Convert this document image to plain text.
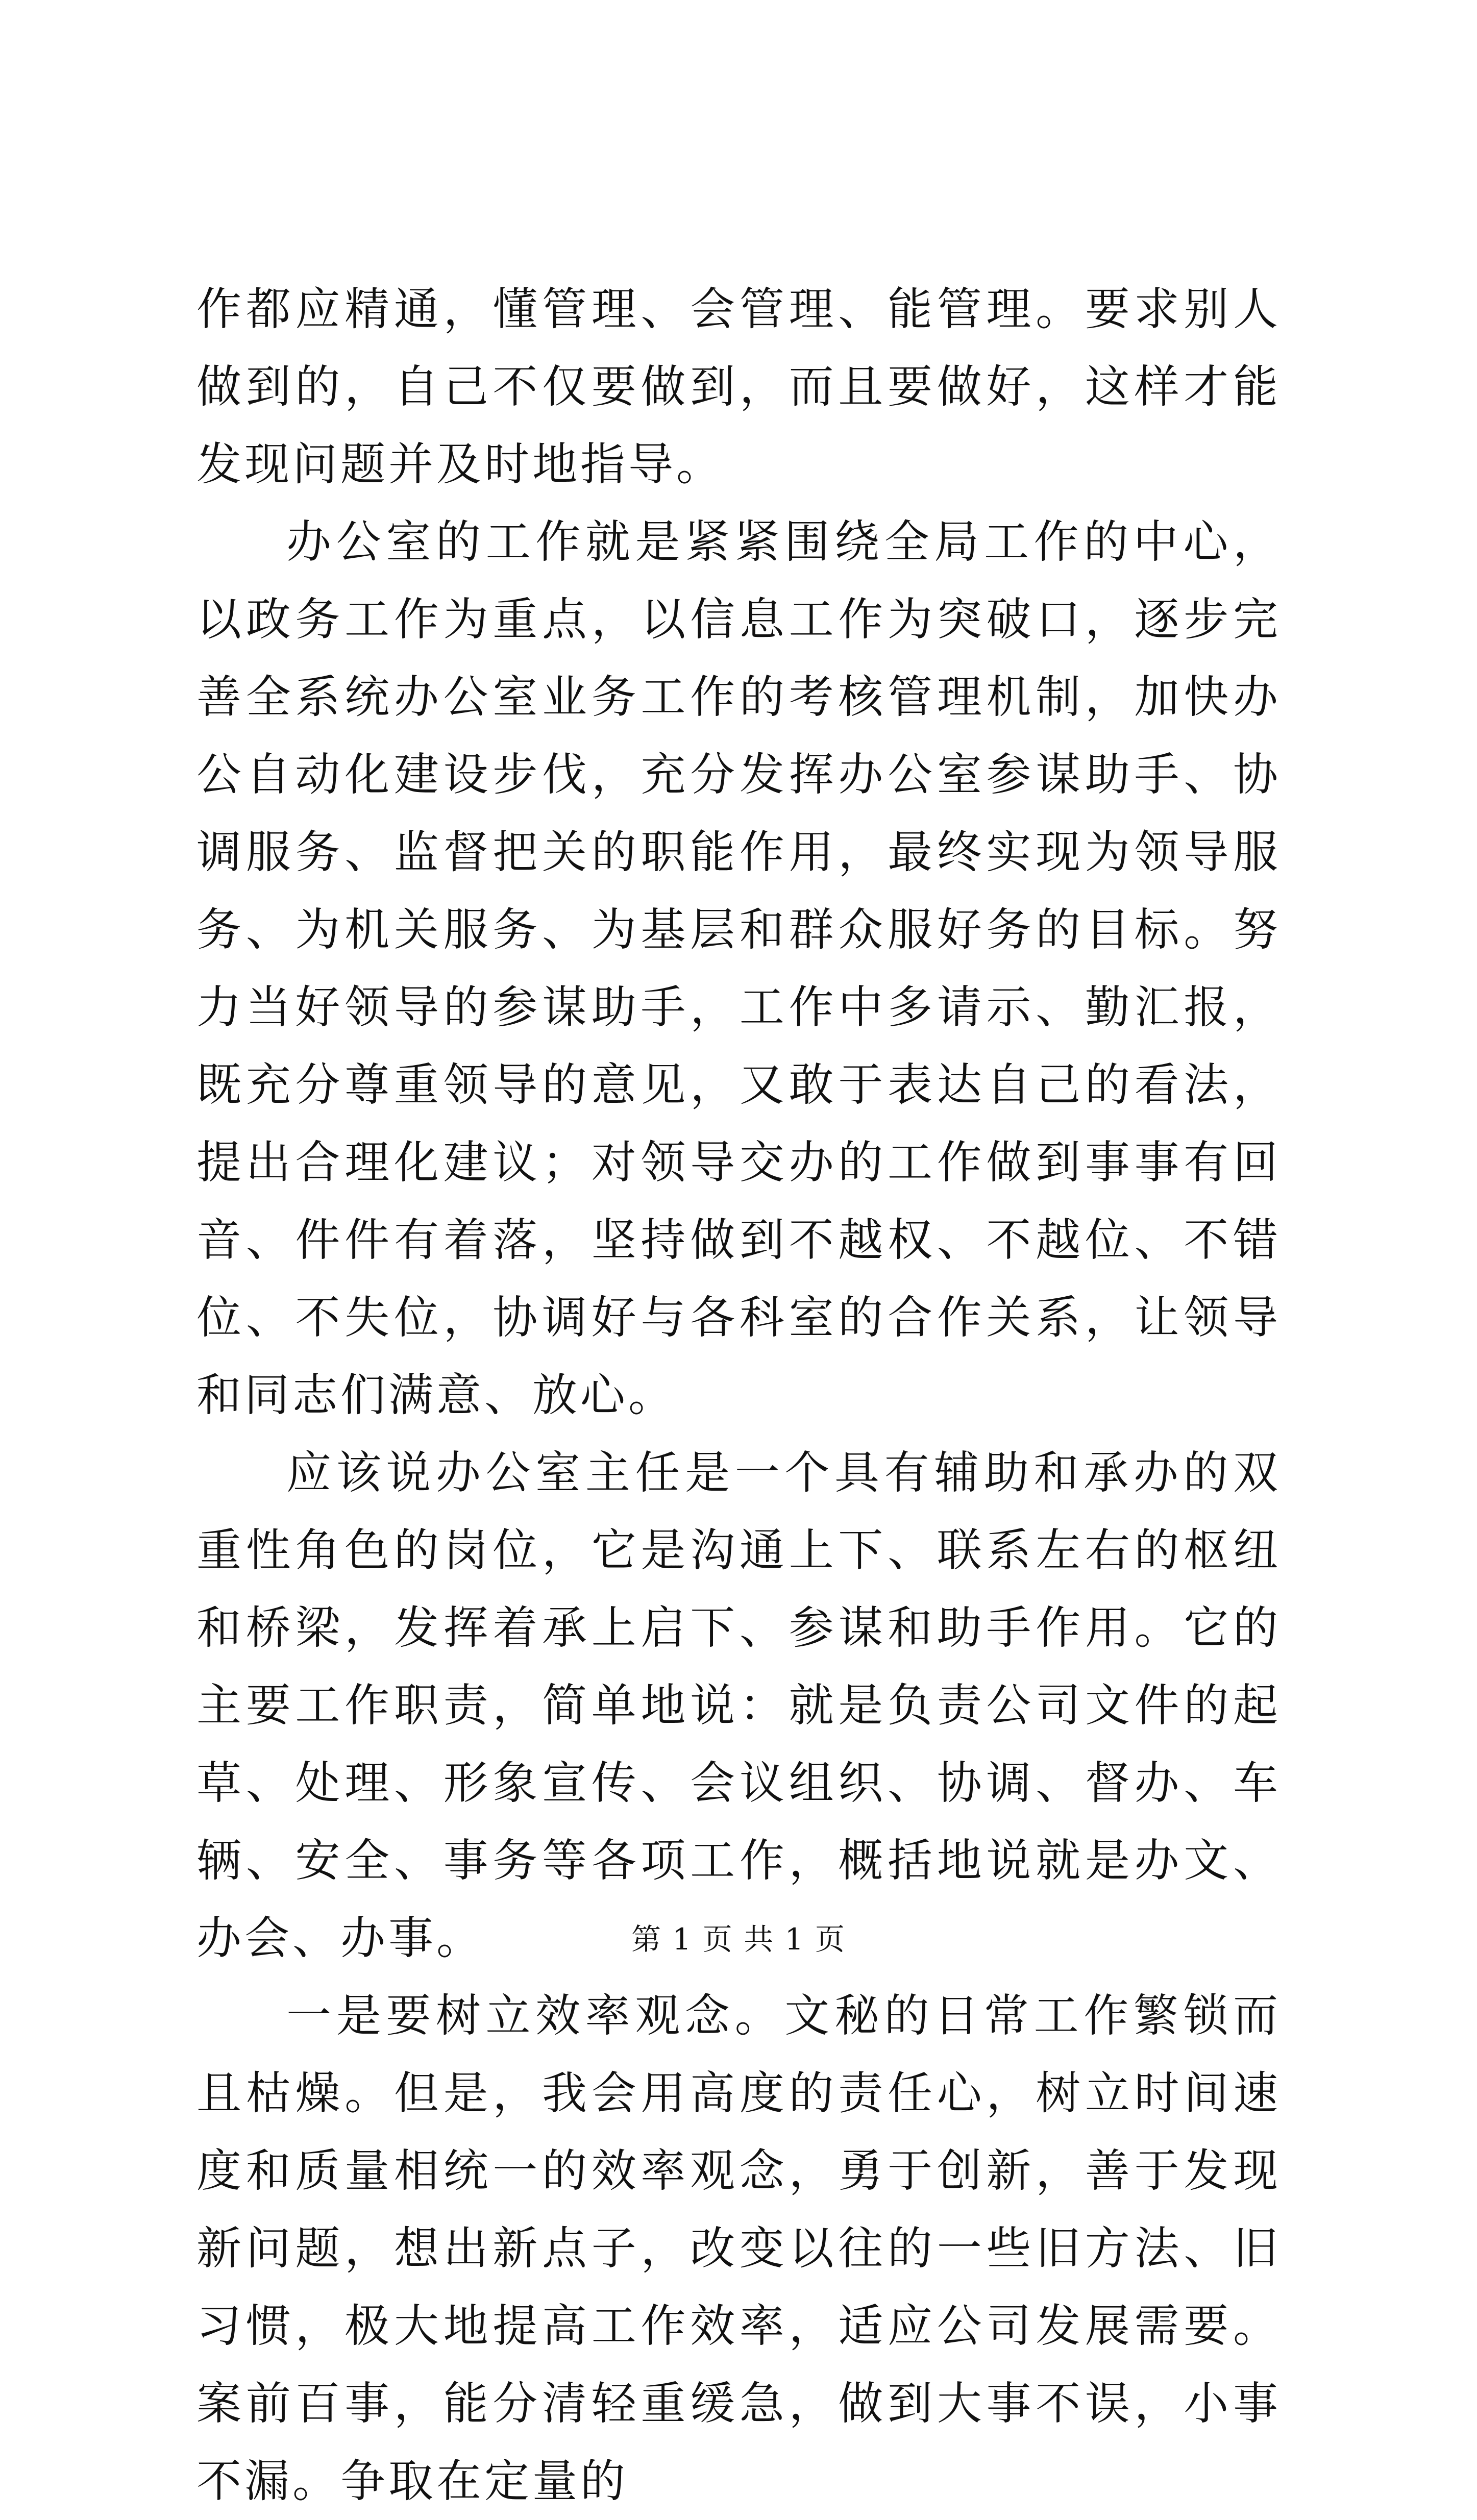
作都应精通，懂管理、会管理、能管理。要求别人做到的，自己不仅要做到，而且要做好，这样才能发现问题并及时地指导。

办公室的工作就是紧紧围绕全局工作的中心，以政务工作为重点，以信息工作为突破口，逐步完善全系统办公室业务工作的考核管理机制，加快办公自动化建设步伐，充分发挥办公室参谋助手、协调服务、监督把关的职能作用，最终实现为领导服务、为机关服务、为基层和群众服好务的目标。努力当好领导的参谋助手，工作中多请示、勤汇报，既充分尊重领导的意见，又敢于表达自己的看法，提出合理化建议；对领导交办的工作做到事事有回音、件件有着落，坚持做到不越权、不越位、不错位、不失位，协调好与各科室的合作关系，让领导和同志们满意、放心。

应该说办公室主任是一个具有辅助和承办的双重性角色的岗位，它是沟通上下、联系左右的枢纽和桥梁，发挥着承上启下、参谋和助手作用。它的主要工作职责，简单地说：就是负责公司文件的起草、处理、形象宣传、会议组织、协调、督办、车辆、安全、事务等各项工作，概括地说就是办文、办会、办事。

一是要树立效率观念。文秘的日常工作繁锁而且枯燥。但是，我会用高度的责任心，树立时间速度和质量相统一的效率观念，勇于创新，善于发现新问题，想出新点子，改变以往的一些旧方法、旧习惯，极大地提高工作效率，适应公司发展需要。案前百事，能分清轻重缓急，做到大事不误，小事不漏。争取在定量的

第 1 页 共 1 页
